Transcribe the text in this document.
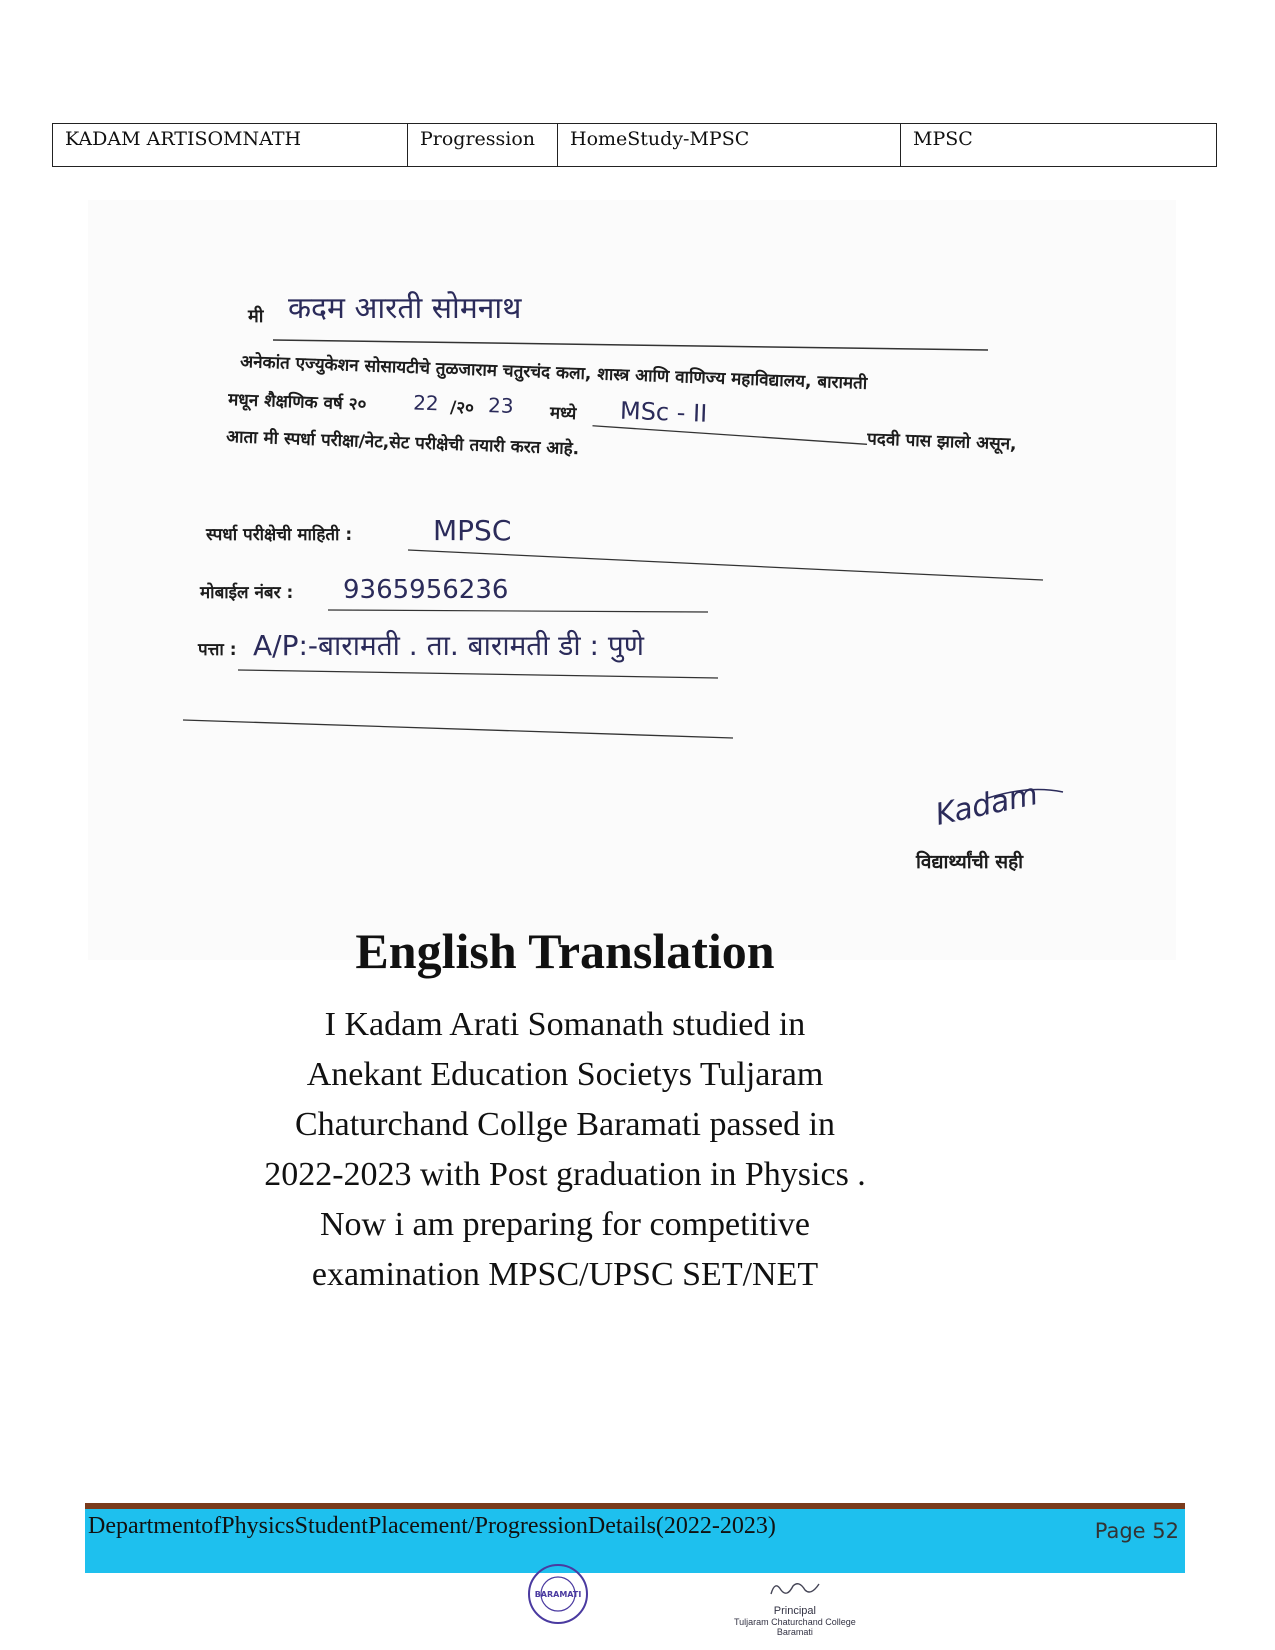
KADAM ARTISOMNATH	Progression	HomeStudy-MPSC	MPSC
मी कदम आरती सोमनाथ
अनेकांत एज्युकेशन सोसायटीचे तुळजाराम चतुरचंद कला, शास्त्र आणि वाणिज्य महाविद्यालय, बारामती
मधून शैक्षणिक वर्ष २० 22 /२० 23 मध्ये MSc - II
पदवी पास झालो असून,
आता मी स्पर्धा परीक्षा/नेट,सेट परीक्षेची तयारी करत आहे.
स्पर्धा परीक्षेची माहिती :	MPSC
मोबाईल नंबर : 9365956236
पत्ता : A/P:-बारामती . ता. बारामती डी : पुणे
Kadam
विद्यार्थ्यांची सही
English Translation
I Kadam Arati Somanath studied in
Anekant Education Societys Tuljaram
Chaturchand Collge Baramati passed in
2022-2023 with Post graduation in Physics .
Now i am preparing for competitive
examination MPSC/UPSC SET/NET
DepartmentofPhysicsStudentPlacement/ProgressionDetails(2022-2023)	Page 52
BARAMATI
Principal
Tuljaram Chaturchand College
Baramati
